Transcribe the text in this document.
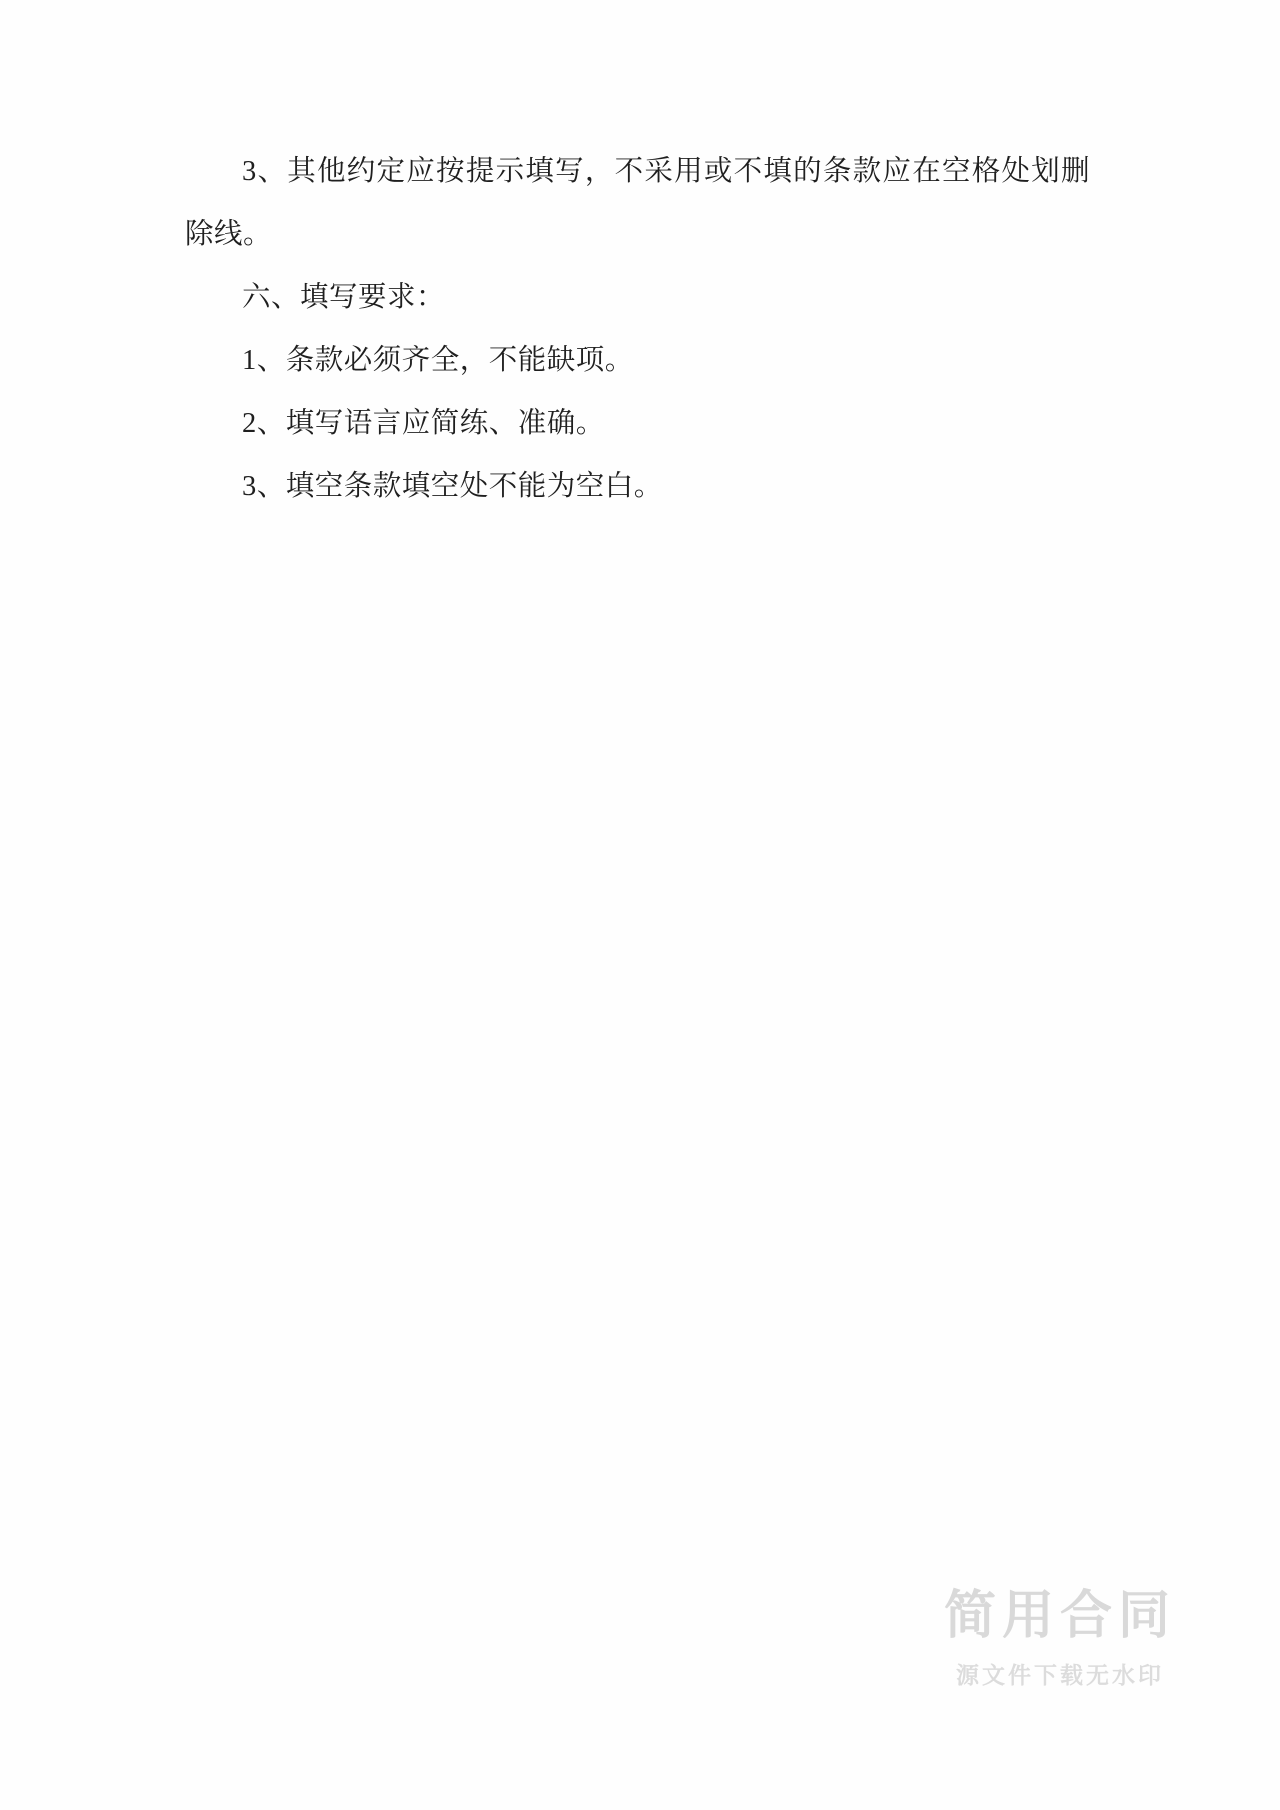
3、其他约定应按提示填写，不采用或不填的条款应在空格处划删除线。

六、填写要求：

1、条款必须齐全，不能缺项。

2、填写语言应简练、准确。

3、填空条款填空处不能为空白。

简用合同
源文件下载无水印
